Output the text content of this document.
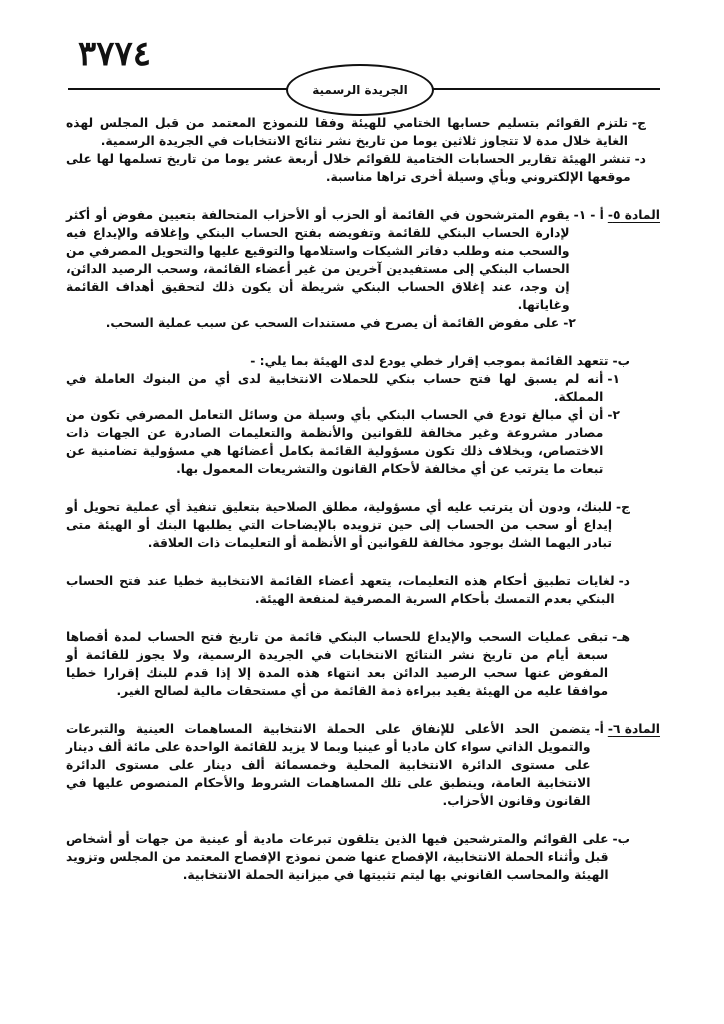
٣٧٧٤
الجريدة الرسمية
ج-

تلتزم القوائم بتسليم حسابها الختامي للهيئة وفقا للنموذج المعتمد من قبل المجلس لهذه الغاية خلال مدة لا تتجاوز ثلاثين يوما من تاريخ نشر نتائج الانتخابات في الجريدة الرسمية.

د-

تنشر الهيئة تقارير الحسابات الختامية للقوائم خلال أربعة عشر يوما من تاريخ تسلمها لها على موقعها الإلكتروني وبأي وسيلة أخرى تراها مناسبة.

المادة ٥-
أ -
١-

يقوم المترشحون في القائمة أو الحزب أو الأحزاب المتحالفة بتعيين مفوض أو أكثر لإدارة الحساب البنكي للقائمة وتفويضه بفتح الحساب البنكي وإغلاقه والإيداع فيه والسحب منه وطلب دفاتر الشيكات واستلامها والتوقيع عليها والتحويل المصرفي من الحساب البنكي إلى مستفيدين آخرين من غير أعضاء القائمة، وسحب الرصيد الدائن، إن وجد، عند إغلاق الحساب البنكي شريطة أن يكون ذلك لتحقيق أهداف القائمة وغاياتها.

٢-

على مفوض القائمة أن يصرح في مستندات السحب عن سبب عملية السحب.

ب-

تتعهد القائمة بموجب إقرار خطي يودع لدى الهيئة بما يلي: -

١-

أنه لم يسبق لها فتح حساب بنكي للحملات الانتخابية لدى أي من البنوك العاملة في المملكة.

٢-

أن أي مبالغ تودع في الحساب البنكي بأي وسيلة من وسائل التعامل المصرفي تكون من مصادر مشروعة وغير مخالفة للقوانين والأنظمة والتعليمات الصادرة عن الجهات ذات الاختصاص، وبخلاف ذلك تكون مسؤولية القائمة بكامل أعضائها هي مسؤولية تضامنية عن تبعات ما يترتب عن أي مخالفة لأحكام القانون والتشريعات المعمول بها.

ج-

للبنك، ودون أن يترتب عليه أي مسؤولية، مطلق الصلاحية بتعليق تنفيذ أي عملية تحويل أو إيداع أو سحب من الحساب إلى حين تزويده بالإيضاحات التي يطلبها البنك أو الهيئة متى تبادر اليهما الشك بوجود مخالفة للقوانين أو الأنظمة أو التعليمات ذات العلاقة.

د-

لغايات تطبيق أحكام هذه التعليمات، يتعهد أعضاء القائمة الانتخابية خطيا عند فتح الحساب البنكي بعدم التمسك بأحكام السرية المصرفية لمنفعة الهيئة.

هـ-

تبقى عمليات السحب والإيداع للحساب البنكي قائمة من تاريخ فتح الحساب لمدة أقصاها سبعة أيام من تاريخ نشر النتائج الانتخابات في الجريدة الرسمية، ولا يجوز للقائمة أو المفوض عنها سحب الرصيد الدائن بعد انتهاء هذه المدة إلا إذا قدم للبنك إقرارا خطيا موافقا عليه من الهيئة يفيد ببراءة ذمة القائمة من أي مستحقات مالية لصالح الغير.

المادة ٦-
أ-

يتضمن الحد الأعلى للإنفاق على الحملة الانتخابية المساهمات العينية والتبرعات والتمويل الذاتي سواء كان ماديا أو عينيا وبما لا يزيد للقائمة الواحدة على مائة ألف دينار على مستوى الدائرة الانتخابية المحلية وخمسمائة ألف دينار على مستوى الدائرة الانتخابية العامة، وينطبق على تلك المساهمات الشروط والأحكام المنصوص عليها في القانون وقانون الأحزاب.

ب-

على القوائم والمترشحين فيها الذين يتلقون تبرعات مادية أو عينية من جهات أو أشخاص قبل وأثناء الحملة الانتخابية، الإفصاح عنها ضمن نموذج الإفصاح المعتمد من المجلس وتزويد الهيئة والمحاسب القانوني بها ليتم تثبيتها في ميزانية الحملة الانتخابية.
